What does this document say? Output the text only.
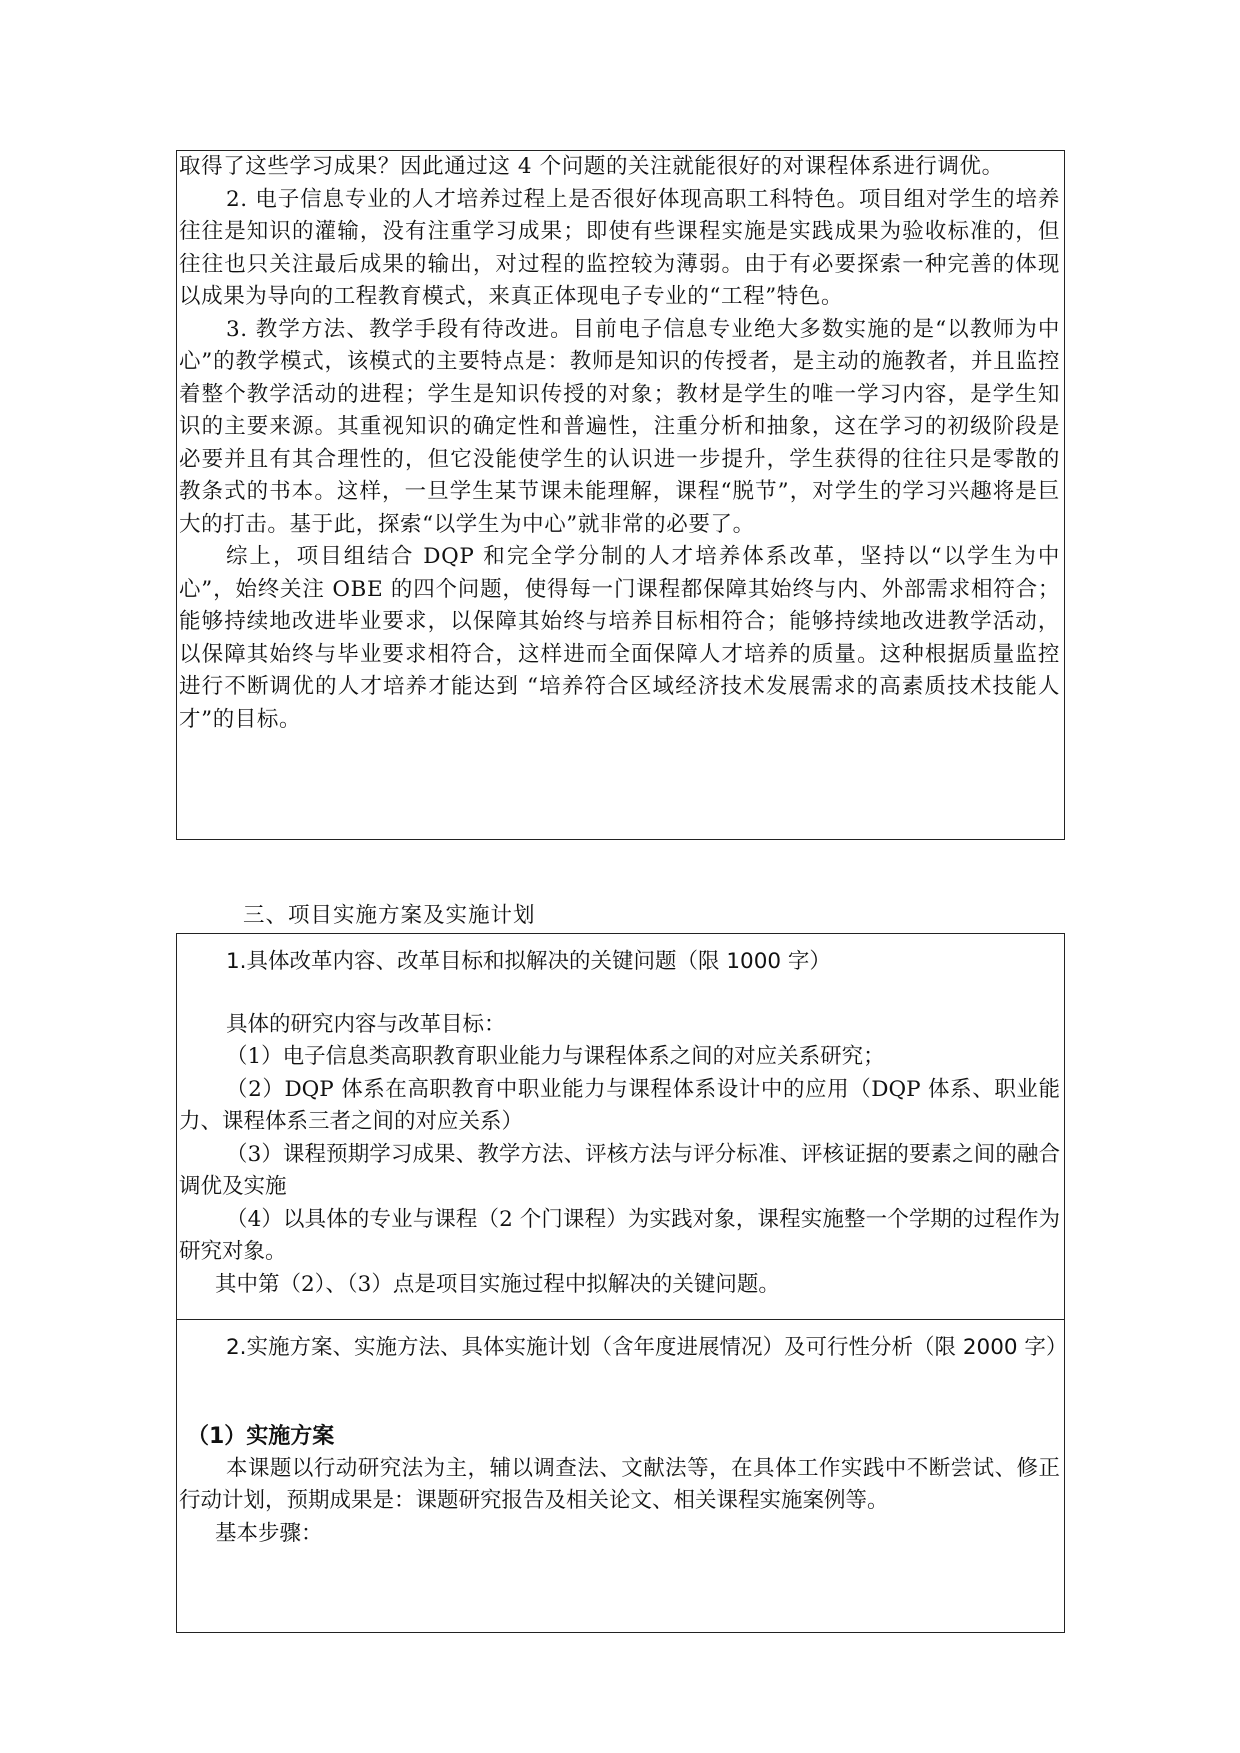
取得了这些学习成果？因此通过这 4 个问题的关注就能很好的对课程体系进行调优。

2. 电子信息专业的人才培养过程上是否很好体现高职工科特色。项目组对学生的培养往往是知识的灌输，没有注重学习成果；即使有些课程实施是实践成果为验收标准的，但往往也只关注最后成果的输出，对过程的监控较为薄弱。由于有必要探索一种完善的体现以成果为导向的工程教育模式，来真正体现电子专业的“工程”特色。

3. 教学方法、教学手段有待改进。目前电子信息专业绝大多数实施的是“以教师为中心”的教学模式，该模式的主要特点是：教师是知识的传授者，是主动的施教者，并且监控着整个教学活动的进程；学生是知识传授的对象；教材是学生的唯一学习内容，是学生知识的主要来源。其重视知识的确定性和普遍性，注重分析和抽象，这在学习的初级阶段是必要并且有其合理性的，但它没能使学生的认识进一步提升，学生获得的往往只是零散的教条式的书本。这样，一旦学生某节课未能理解，课程“脱节”，对学生的学习兴趣将是巨大的打击。基于此，探索“以学生为中心”就非常的必要了。

综上，项目组结合 DQP 和完全学分制的人才培养体系改革，坚持以“以学生为中心”，始终关注 OBE 的四个问题，使得每一门课程都保障其始终与内、外部需求相符合；能够持续地改进毕业要求，以保障其始终与培养目标相符合；能够持续地改进教学活动，以保障其始终与毕业要求相符合，这样进而全面保障人才培养的质量。这种根据质量监控进行不断调优的人才培养才能达到 “培养符合区域经济技术发展需求的高素质技术技能人才”的目标。

三、项目实施方案及实施计划

1.具体改革内容、改革目标和拟解决的关键问题（限 1000 字）

具体的研究内容与改革目标：

（1）电子信息类高职教育职业能力与课程体系之间的对应关系研究；

（2）DQP 体系在高职教育中职业能力与课程体系设计中的应用（DQP 体系、职业能力、课程体系三者之间的对应关系）

（3）课程预期学习成果、教学方法、评核方法与评分标准、评核证据的要素之间的融合调优及实施

（4）以具体的专业与课程（2 个门课程）为实践对象，课程实施整一个学期的过程作为研究对象。

其中第（2）、（3）点是项目实施过程中拟解决的关键问题。

2.实施方案、实施方法、具体实施计划（含年度进展情况）及可行性分析（限 2000 字）

（1）实施方案

本课题以行动研究法为主，辅以调查法、文献法等，在具体工作实践中不断尝试、修正行动计划，预期成果是：课题研究报告及相关论文、相关课程实施案例等。

基本步骤：
